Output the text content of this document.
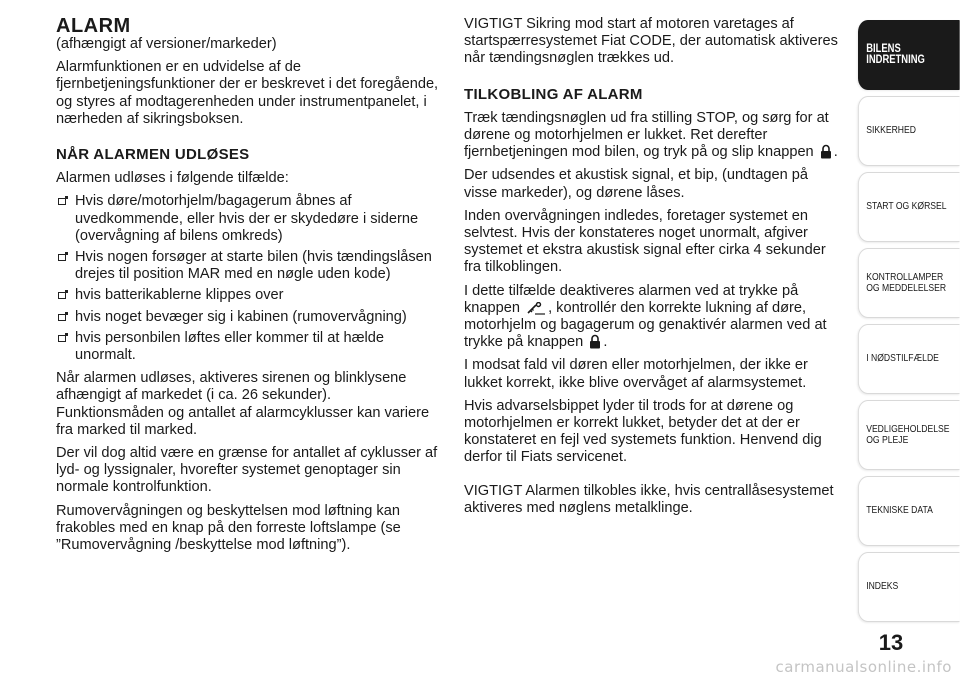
ALARM

(afhængigt af versioner/markeder)

Alarmfunktionen er en udvidelse af de fjernbetjeningsfunktioner der er beskrevet i det foregående, og styres af modtagerenheden under instrumentpanelet, i nærheden af sikringsboksen.

NÅR ALARMEN UDLØSES

Alarmen udløses i følgende tilfælde:

Hvis døre/motorhjelm/bagagerum åbnes af uvedkommende, eller hvis der er skydedøre i siderne (overvågning af bilens omkreds)
Hvis nogen forsøger at starte bilen (hvis tændingslåsen drejes til position MAR med en nøgle uden kode)
hvis batterikablerne klippes over
hvis noget bevæger sig i kabinen (rumovervågning)
hvis personbilen løftes eller kommer til at hælde unormalt.

Når alarmen udløses, aktiveres sirenen og blinklysene afhængigt af markedet (i ca. 26 sekunder). Funktionsmåden og antallet af alarmcyklusser kan variere fra marked til marked.

Der vil dog altid være en grænse for antallet af cyklusser af lyd- og lyssignaler, hvorefter systemet genoptager sin normale kontrolfunktion.

Rumovervågningen og beskyttelsen mod løftning kan frakobles med en knap på den forreste loftslampe (se ”Rumovervågning /beskyttelse mod løftning”).

VIGTIGT Sikring mod start af motoren varetages af startspærresystemet Fiat CODE, der automatisk aktiveres når tændingsnøglen trækkes ud.

TILKOBLING AF ALARM

Træk tændingsnøglen ud fra stilling STOP, og sørg for at dørene og motorhjelmen er lukket. Ret derefter fjernbetjeningen mod bilen, og tryk på og slip knappen .

Der udsendes et akustisk signal, et bip, (undtagen på visse markeder), og dørene låses.

Inden overvågningen indledes, foretager systemet en selvtest. Hvis der konstateres noget unormalt, afgiver systemet et ekstra akustisk signal efter cirka 4 sekunder fra tilkoblingen.

I dette tilfælde deaktiveres alarmen ved at trykke på knappen , kontrollér den korrekte lukning af døre, motorhjelm og bagagerum og genaktivér alarmen ved at trykke på knappen .

I modsat fald vil døren eller motorhjelmen, der ikke er lukket korrekt, ikke blive overvåget af alarmsystemet.

Hvis advarselsbippet lyder til trods for at dørene og motorhjelmen er korrekt lukket, betyder det at der er konstateret en fejl ved systemets funktion. Henvend dig derfor til Fiats servicenet.

VIGTIGT Alarmen tilkobles ikke, hvis centrallåsesystemet aktiveres med nøglens metalklinge.

BILENS
INDRETNING
SIKKERHED
START OG KØRSEL
KONTROLLAMPER
OG MEDDELELSER
I NØDSTILFÆLDE
VEDLIGEHOLDELSE
OG PLEJE
TEKNISKE DATA
INDEKS
13
carmanualsonline.info
